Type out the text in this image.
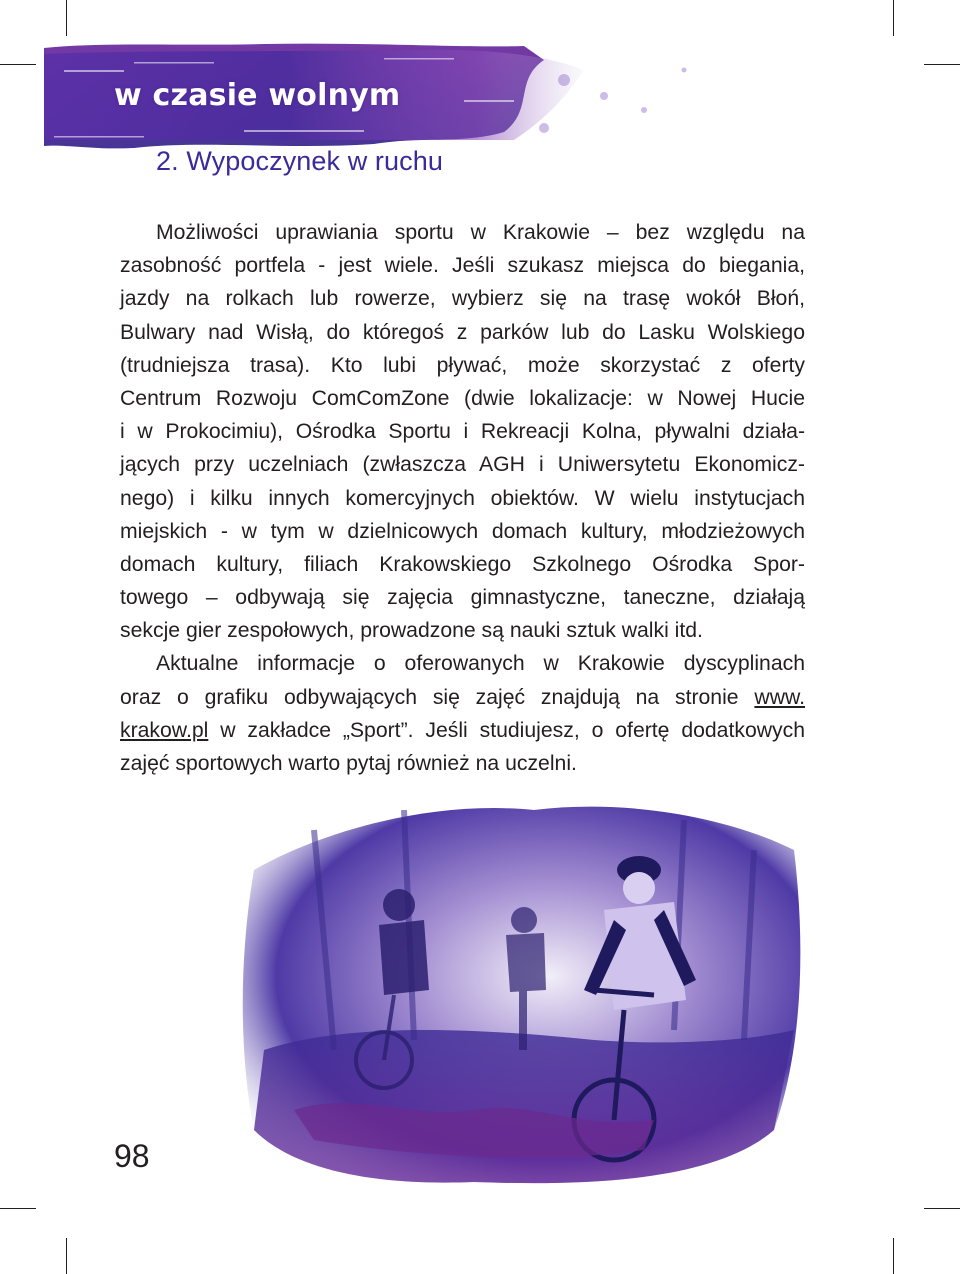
w czasie wolnym
2. Wypoczynek w ruchu
Możliwości uprawiania sportu w Krakowie – bez względu na
zasobność portfela - jest wiele. Jeśli szukasz miejsca do biegania,
jazdy na rolkach lub rowerze, wybierz się na trasę wokół Błoń,
Bulwary nad Wisłą, do któregoś z parków lub do Lasku Wolskiego
(trudniejsza trasa). Kto lubi pływać, może skorzystać z oferty
Centrum Rozwoju ComComZone (dwie lokalizacje: w Nowej Hucie
i w Prokocimiu), Ośrodka Sportu i Rekreacji Kolna, pływalni działa-
jących przy uczelniach (zwłaszcza AGH i Uniwersytetu Ekonomicz-
nego) i kilku innych komercyjnych obiektów. W wielu instytucjach
miejskich - w tym w dzielnicowych domach kultury, młodzieżowych
domach kultury, filiach Krakowskiego Szkolnego Ośrodka Spor-
towego – odbywają się zajęcia gimnastyczne, taneczne, działają
sekcje gier zespołowych, prowadzone są nauki sztuk walki itd.
Aktualne informacje o oferowanych w Krakowie dyscyplinach
oraz o grafiku odbywających się zajęć znajdują na stronie www.
krakow.pl w zakładce „Sport”. Jeśli studiujesz, o ofertę dodatkowych
zajęć sportowych warto pytaj również na uczelni.
98
